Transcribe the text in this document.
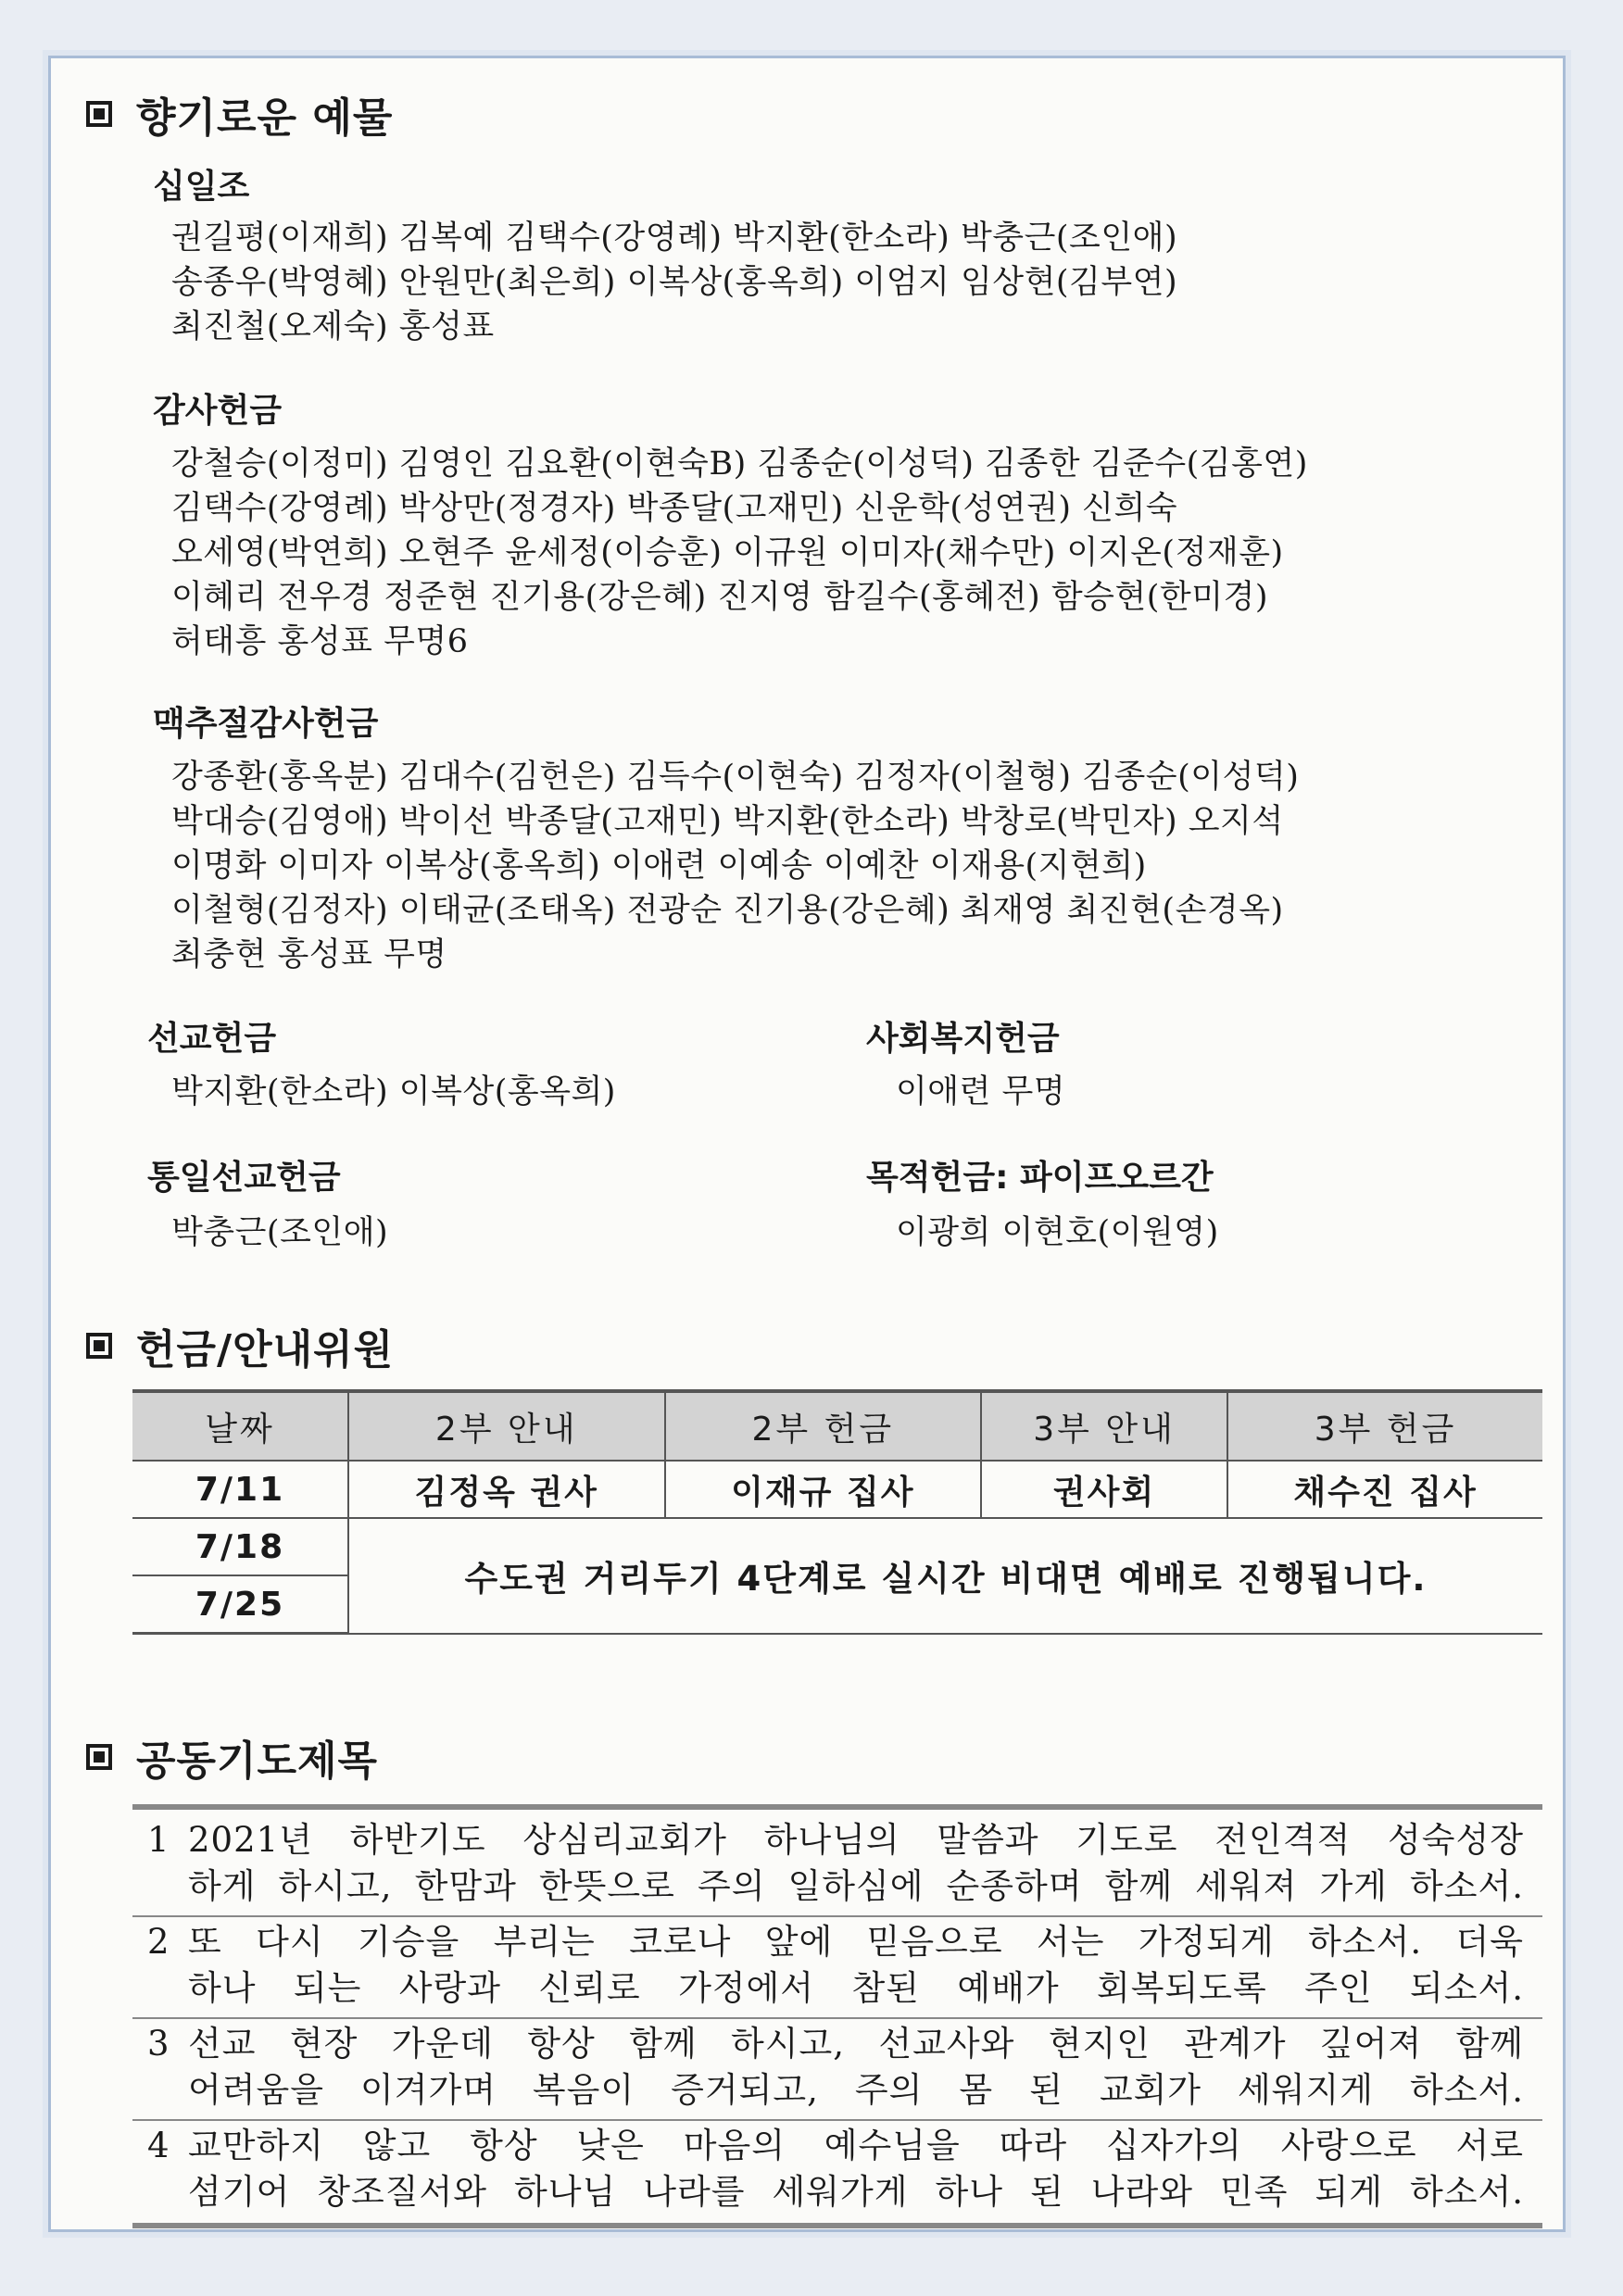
향기로운 예물
십일조
권길평(이재희) 김복예 김택수(강영례) 박지환(한소라) 박충근(조인애)
송종우(박영혜) 안원만(최은희) 이복상(홍옥희) 이엄지 임상현(김부연)
최진철(오제숙) 홍성표
감사헌금
강철승(이정미) 김영인 김요환(이현숙B) 김종순(이성덕) 김종한 김준수(김홍연)
김택수(강영례) 박상만(정경자) 박종달(고재민) 신운학(성연권) 신희숙
오세영(박연희) 오현주 윤세정(이승훈) 이규원 이미자(채수만) 이지온(정재훈)
이혜리 전우경 정준현 진기용(강은혜) 진지영 함길수(홍혜전) 함승현(한미경)
허태흥 홍성표 무명6
맥추절감사헌금
강종환(홍옥분) 김대수(김헌은) 김득수(이현숙) 김정자(이철형) 김종순(이성덕)
박대승(김영애) 박이선 박종달(고재민) 박지환(한소라) 박창로(박민자) 오지석
이명화 이미자 이복상(홍옥희) 이애련 이예송 이예찬 이재용(지현희)
이철형(김정자) 이태균(조태옥) 전광순 진기용(강은혜) 최재영 최진현(손경옥)
최충현 홍성표 무명
선교헌금
박지환(한소라) 이복상(홍옥희)
사회복지헌금
이애련 무명
통일선교헌금
박충근(조인애)
목적헌금: 파이프오르간
이광희 이현호(이원영)
헌금/안내위원
날짜	2부 안내	2부 헌금	3부 안내	3부 헌금
7/11	김정옥 권사	이재규 집사	권사회	채수진 집사
7/18	수도권 거리두기 4단계로 실시간 비대면 예배로 진행됩니다.			
7/25				
공동기도제목
1 2021년 하반기도 상심리교회가 하나님의 말씀과 기도로 전인격적 성숙성장
하게 하시고, 한맘과 한뜻으로 주의 일하심에 순종하며 함께 세워져 가게 하소서.
2 또 다시 기승을 부리는 코로나 앞에 믿음으로 서는 가정되게 하소서. 더욱
하나 되는 사랑과 신뢰로 가정에서 참된 예배가 회복되도록 주인 되소서.
3 선교 현장 가운데 항상 함께 하시고, 선교사와 현지인 관계가 깊어져 함께
어려움을 이겨가며 복음이 증거되고, 주의 몸 된 교회가 세워지게 하소서.
4 교만하지 않고 항상 낮은 마음의 예수님을 따라 십자가의 사랑으로 서로
섬기어 창조질서와 하나님 나라를 세워가게 하나 된 나라와 민족 되게 하소서.
